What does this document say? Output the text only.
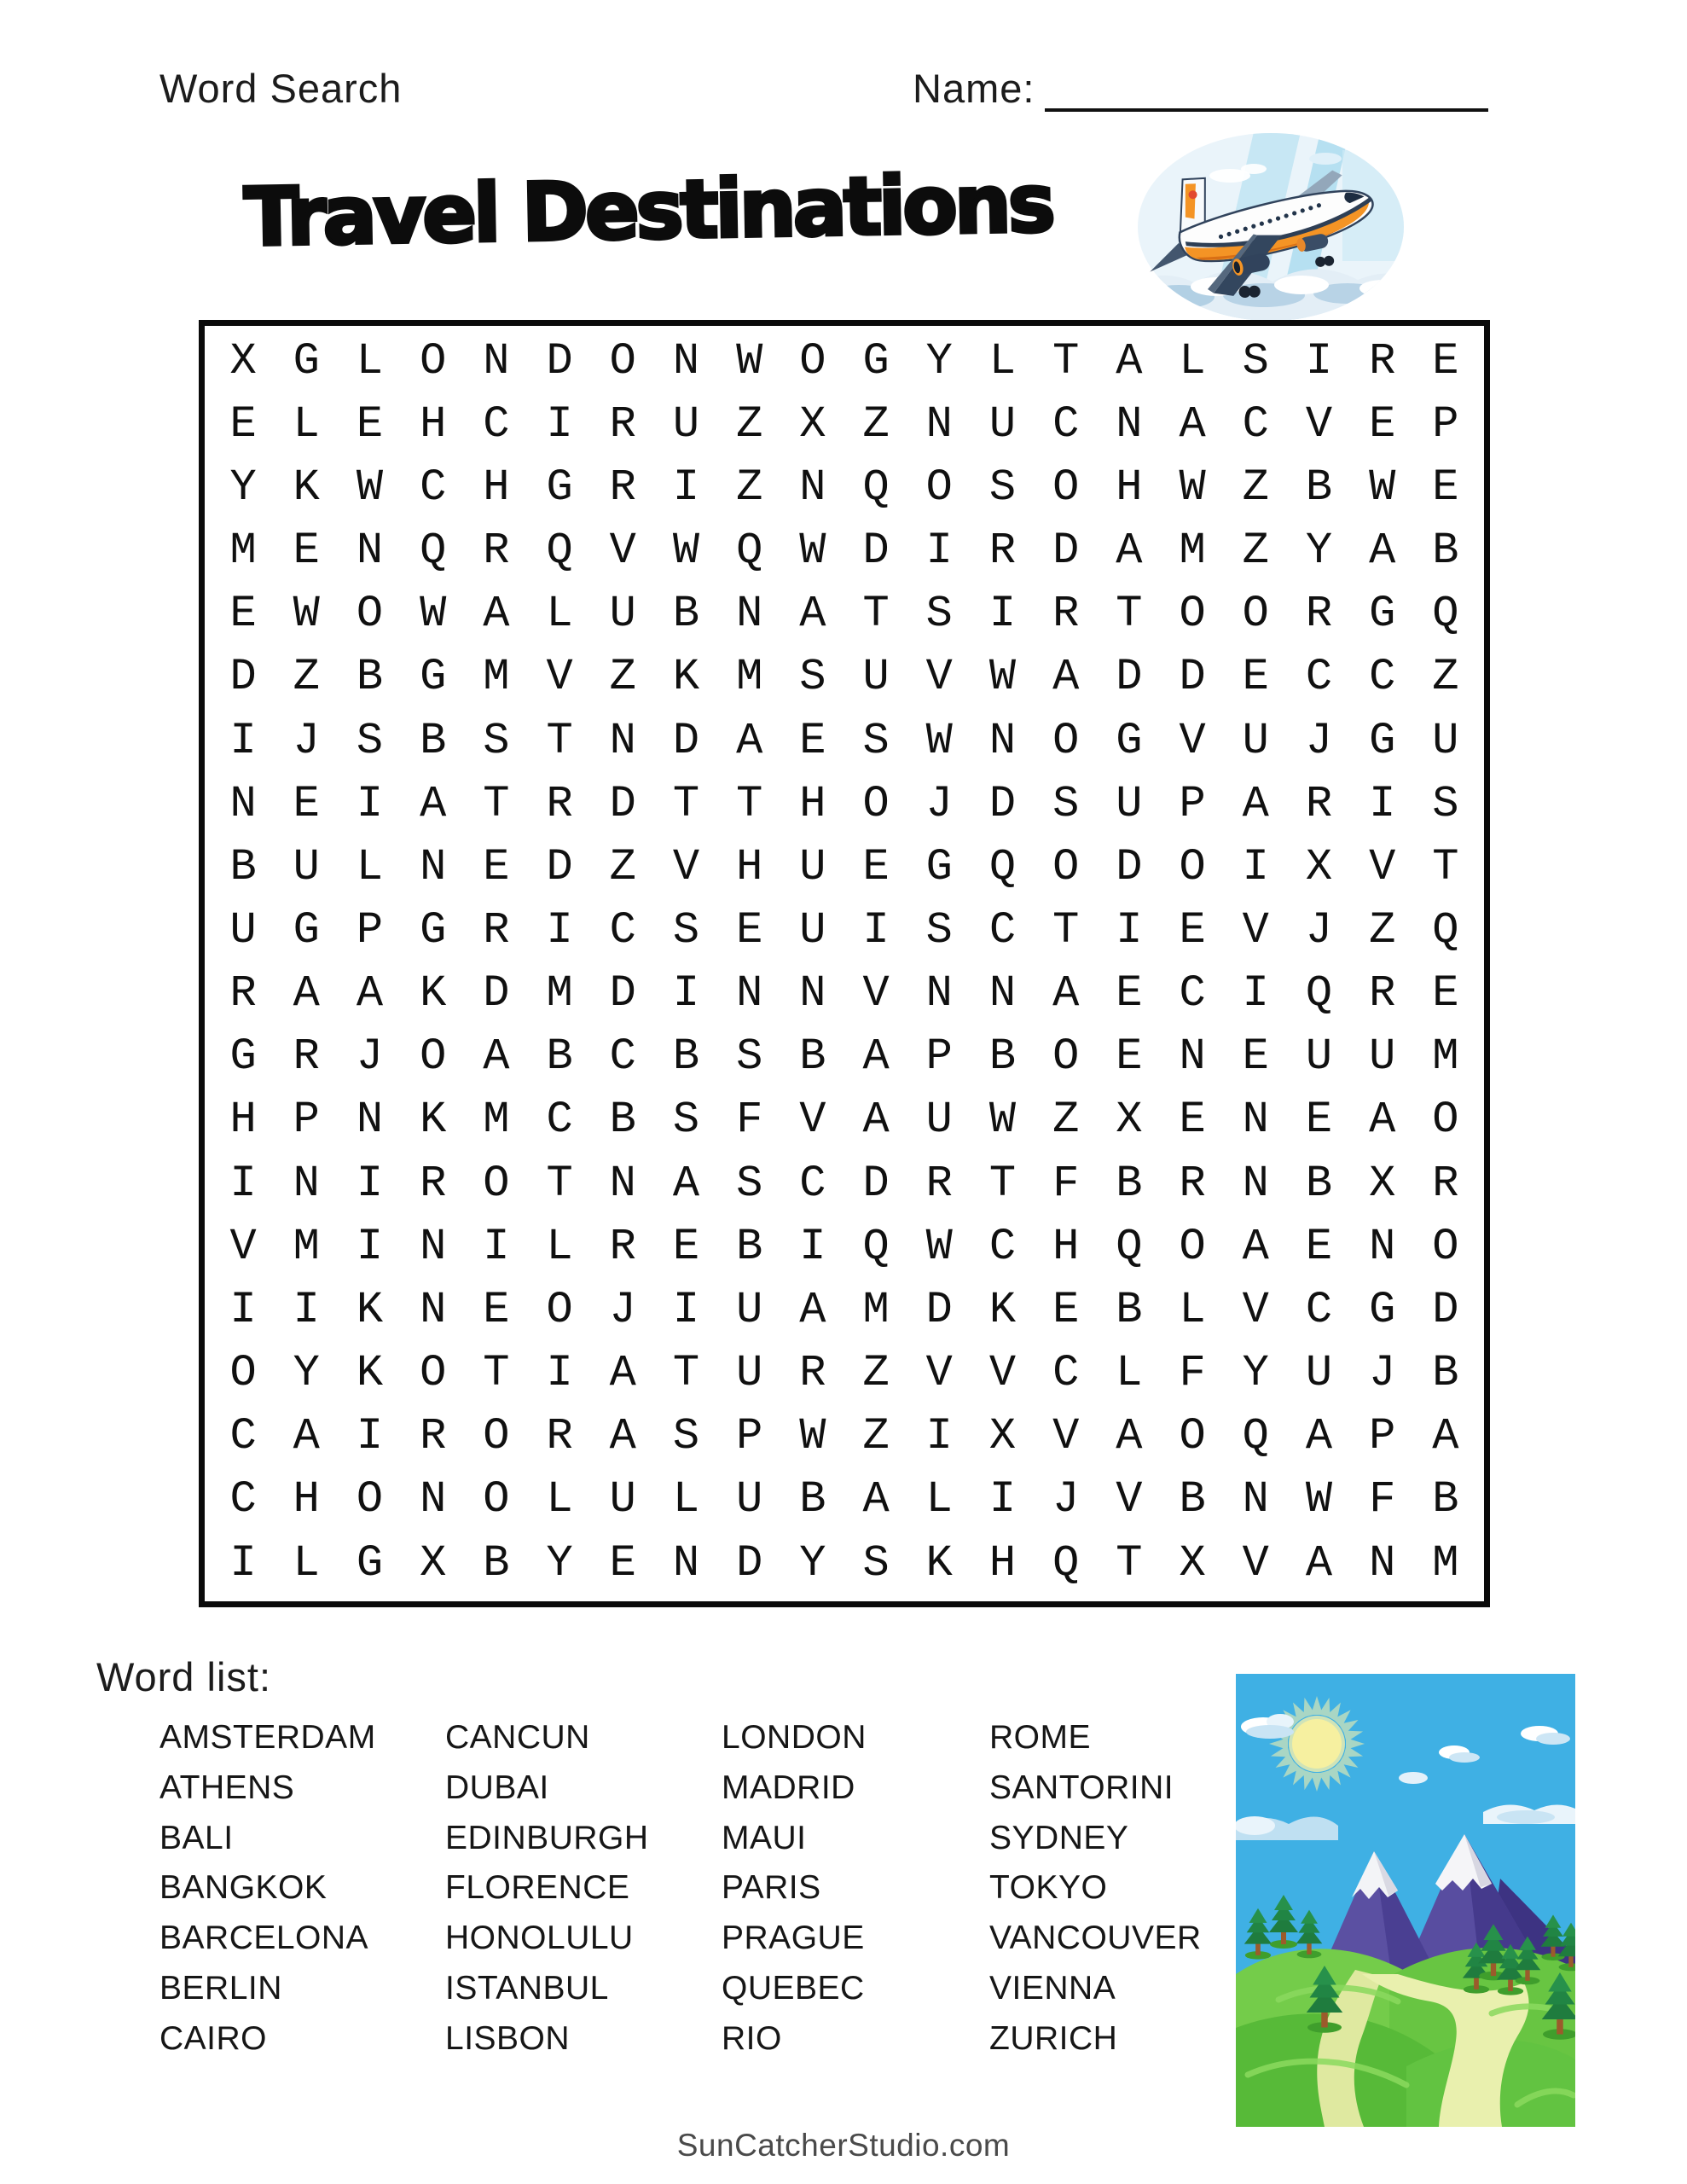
Word Search	Name:
Travel Destinations
X G L O N D O N W O G Y L T A L S I R E
E L E H C I R U Z X Z N U C N A C V E P
Y K W C H G R I Z N Q O S O H W Z B W E
M E N Q R Q V W Q W D I R D A M Z Y A B
E W O W A L U B N A T S I R T O O R G Q
D Z B G M V Z K M S U V W A D D E C C Z
I J S B S T N D A E S W N O G V U J G U
N E I A T R D T T H O J D S U P A R I S
B U L N E D Z V H U E G Q O D O I X V T
U G P G R I C S E U I S C T I E V J Z Q
R A A K D M D I N N V N N A E C I Q R E
G R J O A B C B S B A P B O E N E U U M
H P N K M C B S F V A U W Z X E N E A O
I N I R O T N A S C D R T F B R N B X R
V M I N I L R E B I Q W C H Q O A E N O
I I K N E O J I U A M D K E B L V C G D
O Y K O T I A T U R Z V V C L F Y U J B
C A I R O R A S P W Z I X V A O Q A P A
C H O N O L U L U B A L I J V B N W F B
I L G X B Y E N D Y S K H Q T X V A N M
Word list:
AMSTERDAM
ATHENS
BALI
BANGKOK
BARCELONA
BERLIN
CAIRO
CANCUN
DUBAI
EDINBURGH
FLORENCE
HONOLULU
ISTANBUL
LISBON
LONDON
MADRID
MAUI
PARIS
PRAGUE
QUEBEC
RIO
ROME
SANTORINI
SYDNEY
TOKYO
VANCOUVER
VIENNA
ZURICH
SunCatcherStudio.com
